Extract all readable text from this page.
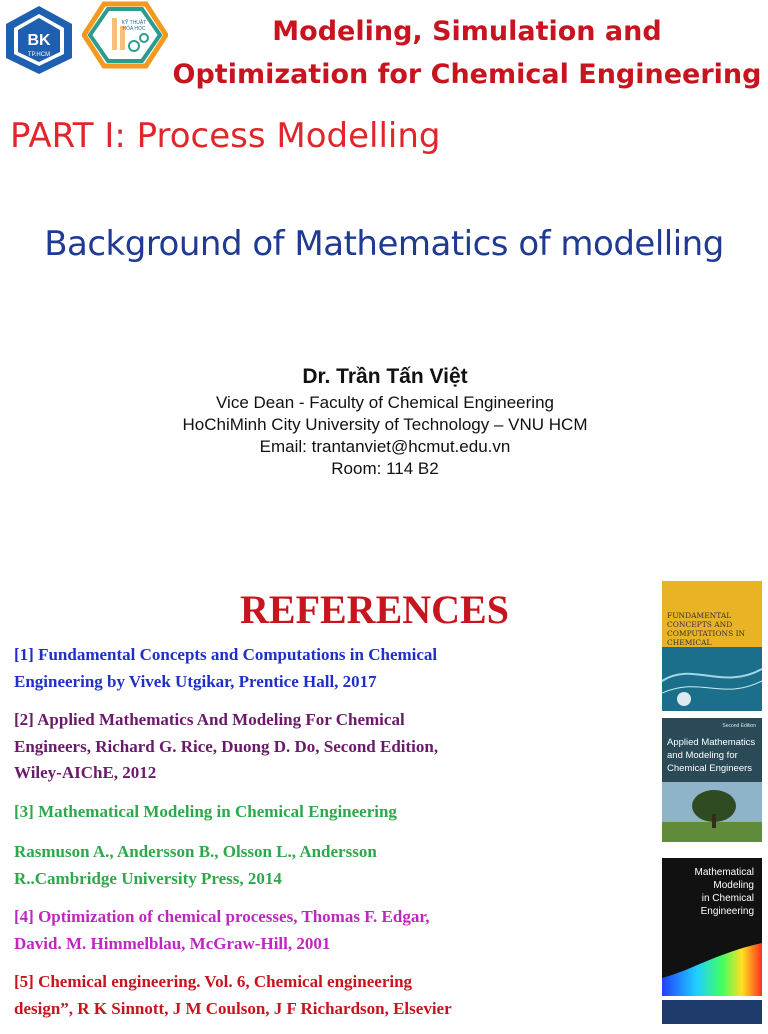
BK
TP.HCM
KỸ THUẬT
HÓA HỌC	Modeling, Simulation and
Optimization for Chemical Engineering
PART I: Process Modelling
Background of Mathematics of modelling
Dr. Trần Tấn Việt
Vice Dean - Faculty of Chemical Engineering
HoChiMinh City University of Technology – VNU HCM
Email: trantanviet@hcmut.edu.vn
Room: 114 B2
REFERENCES

[1] Fundamental Concepts and Computations in Chemical

Engineering by Vivek Utgikar, Prentice Hall, 2017

[2] Applied Mathematics And Modeling For Chemical

Engineers, Richard G. Rice, Duong D. Do, Second Edition,

Wiley-AIChE, 2012

[3] Mathematical Modeling in Chemical Engineering

Rasmuson A., Andersson B., Olsson L., Andersson

R..Cambridge University Press, 2014

[4] Optimization of chemical processes, Thomas F. Edgar,

David. M. Himmelblau, McGraw-Hill, 2001

[5] Chemical engineering. Vol. 6, Chemical engineering

design”, R K Sinnott, J M Coulson, J F Richardson, Elsevier

FUNDAMENTAL
CONCEPTS AND
COMPUTATIONS IN
CHEMICAL
Second Edition
Applied Mathematics
and Modeling for
Chemical Engineers
Mathematical
Modeling
in Chemical
Engineering
